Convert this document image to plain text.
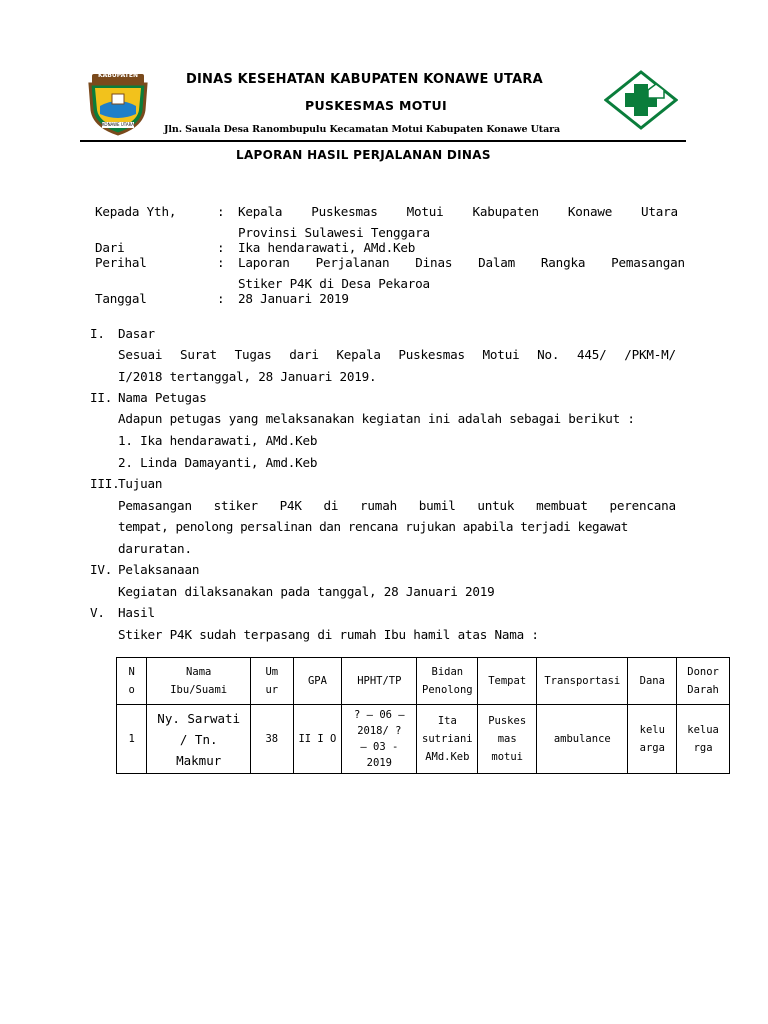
KABUPATEN
KONAWE UTARA
DINAS KESEHATAN KABUPATEN KONAWE UTARA
PUSKESMAS MOTUI
Jln. Sauala Desa Ranombupulu Kecamatan Motui Kabupaten Konawe Utara
LAPORAN HASIL PERJALANAN DINAS
Kepada Yth,	: Kepala Puskesmas Motui Kabupaten Konawe Utara
Provinsi Sulawesi Tenggara
Dari	: Ika hendarawati, AMd.Keb
Perihal	: Laporan Perjalanan Dinas Dalam Rangka Pemasangan
Stiker P4K di Desa Pekaroa
Tanggal	: 28 Januari 2019
I. Dasar
Sesuai Surat Tugas dari Kepala Puskesmas Motui No. 445/ /PKM-M/
I/2018 tertanggal, 28 Januari 2019.
II. Nama Petugas
Adapun petugas yang melaksanakan kegiatan ini adalah sebagai berikut :
1. Ika hendarawati, AMd.Keb
2. Linda Damayanti, Amd.Keb
III.
Tujuan
Pemasangan stiker P4K di rumah bumil untuk membuat perencana
tempat, penolong persalinan dan rencana rujukan apabila terjadi kegawat
daruratan.
IV. Pelaksanaan
Kegiatan dilaksanakan pada tanggal, 28 Januari 2019
V. Hasil
Stiker P4K sudah terpasang di rumah Ibu hamil atas Nama :
N
o	Nama
Ibu/Suami	Um
ur	GPA	HPHT/TP	Bidan
Penolong	Tempat	Transportasi	Dana	Donor
Darah
1	Ny. Sarwati
/ Tn.
Makmur	38	II I O	? – 06 –
2018/ ?
– 03 -
2019	Ita
sutriani
AMd.Keb	Puskes
mas
motui	ambulance	kelu
arga	kelua
rga
